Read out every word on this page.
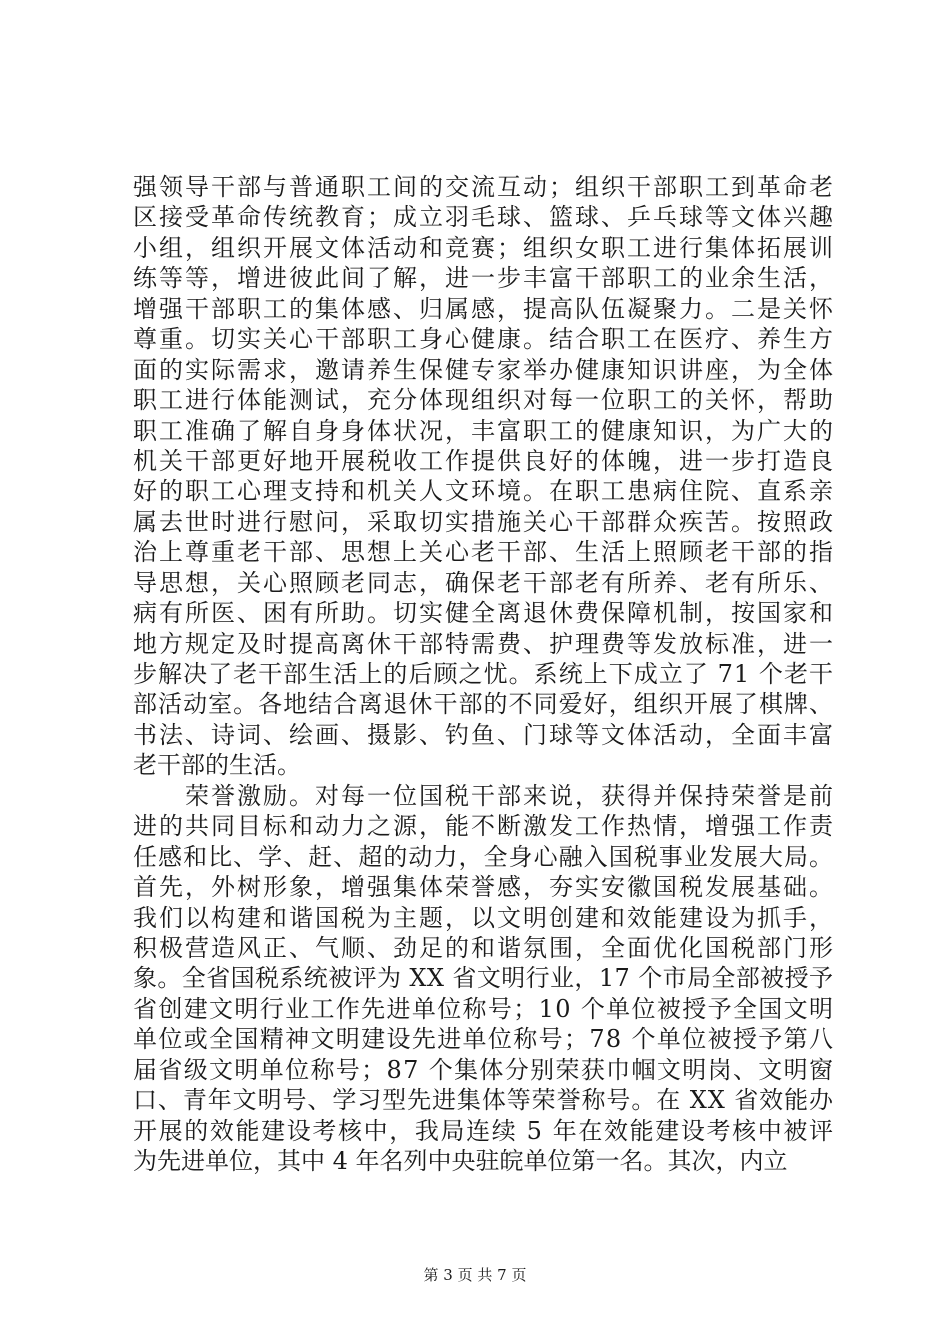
强领导干部与普通职工间的交流互动；组织干部职工到革命老
区接受革命传统教育；成立羽毛球、篮球、乒乓球等文体兴趣
小组，组织开展文体活动和竞赛；组织女职工进行集体拓展训
练等等，增进彼此间了解，进一步丰富干部职工的业余生活，
增强干部职工的集体感、归属感，提高队伍凝聚力。二是关怀
尊重。切实关心干部职工身心健康。结合职工在医疗、养生方
面的实际需求，邀请养生保健专家举办健康知识讲座，为全体
职工进行体能测试，充分体现组织对每一位职工的关怀，帮助
职工准确了解自身身体状况，丰富职工的健康知识，为广大的
机关干部更好地开展税收工作提供良好的体魄，进一步打造良
好的职工心理支持和机关人文环境。在职工患病住院、直系亲
属去世时进行慰问，采取切实措施关心干部群众疾苦。按照政
治上尊重老干部、思想上关心老干部、生活上照顾老干部的指
导思想，关心照顾老同志，确保老干部老有所养、老有所乐、
病有所医、困有所助。切实健全离退休费保障机制，按国家和
地方规定及时提高离休干部特需费、护理费等发放标准，进一
步解决了老干部生活上的后顾之忧。系统上下成立了 71 个老干
部活动室。各地结合离退休干部的不同爱好，组织开展了棋牌、
书法、诗词、绘画、摄影、钓鱼、门球等文体活动，全面丰富
老干部的生活。
　　荣誉激励。对每一位国税干部来说，获得并保持荣誉是前
进的共同目标和动力之源，能不断激发工作热情，增强工作责
任感和比、学、赶、超的动力，全身心融入国税事业发展大局。
首先，外树形象，增强集体荣誉感，夯实安徽国税发展基础。
我们以构建和谐国税为主题，以文明创建和效能建设为抓手，
积极营造风正、气顺、劲足的和谐氛围，全面优化国税部门形
象。全省国税系统被评为 XX 省文明行业，17 个市局全部被授予
省创建文明行业工作先进单位称号；10 个单位被授予全国文明
单位或全国精神文明建设先进单位称号；78 个单位被授予第八
届省级文明单位称号；87 个集体分别荣获巾帼文明岗、文明窗
口、青年文明号、学习型先进集体等荣誉称号。在 XX 省效能办
开展的效能建设考核中，我局连续 5 年在效能建设考核中被评
为先进单位，其中 4 年名列中央驻皖单位第一名。其次，内立
第 3 页 共 7 页
